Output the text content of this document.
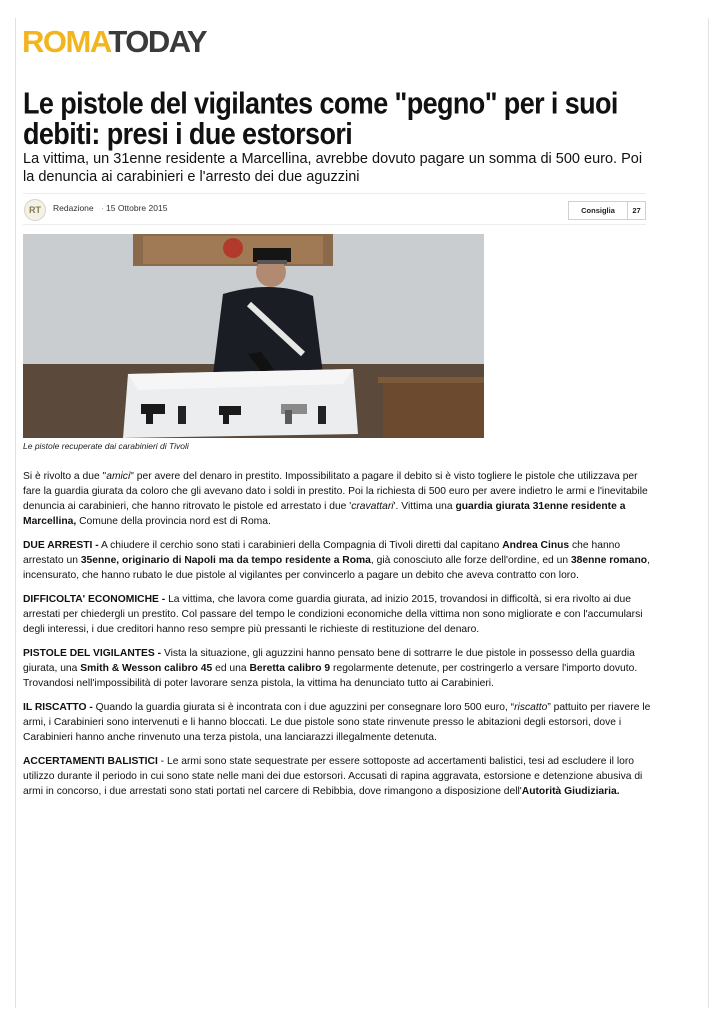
ROMATODAY
Le pistole del vigilantes come "pegno" per i suoi debiti: presi i due estorsori

La vittima, un 31enne residente a Marcellina, avrebbe dovuto pagare un somma di 500 euro. Poi la denuncia ai carabinieri e l'arresto dei due aguzzini

RT	Redazione · 15 Ottobre 2015	Consiglia	27
Le pistole recuperate dai carabinieri di Tivoli

Si è rivolto a due "amici" per avere del denaro in prestito. Impossibilitato a pagare il debito si è visto togliere le pistole che utilizzava per fare la guardia giurata da coloro che gli avevano dato i soldi in prestito. Poi la richiesta di 500 euro per avere indietro le armi e l'inevitabile denuncia ai carabinieri, che hanno ritrovato le pistole ed arrestato i due 'cravattari'. Vittima una guardia giurata 31enne residente a Marcellina, Comune della provincia nord est di Roma.

DUE ARRESTI - A chiudere il cerchio sono stati i carabinieri della Compagnia di Tivoli diretti dal capitano Andrea Cinus che hanno arrestato un 35enne, originario di Napoli ma da tempo residente a Roma, già conosciuto alle forze dell'ordine, ed un 38enne romano, incensurato, che hanno rubato le due pistole al vigilantes per convincerlo a pagare un debito che aveva contratto con loro.

DIFFICOLTA' ECONOMICHE - La vittima, che lavora come guardia giurata, ad inizio 2015, trovandosi in difficoltà, si era rivolto ai due arrestati per chiedergli un prestito. Col passare del tempo le condizioni economiche della vittima non sono migliorate e con l'accumularsi degli interessi, i due creditori hanno reso sempre più pressanti le richieste di restituzione del denaro.

PISTOLE DEL VIGILANTES - Vista la situazione, gli aguzzini hanno pensato bene di sottrarre le due pistole in possesso della guardia giurata, una Smith & Wesson calibro 45 ed una Beretta calibro 9 regolarmente detenute, per costringerlo a versare l'importo dovuto. Trovandosi nell'impossibilità di poter lavorare senza pistola, la vittima ha denunciato tutto ai Carabinieri.

IL RISCATTO - Quando la guardia giurata si è incontrata con i due aguzzini per consegnare loro 500 euro, “riscatto” pattuito per riavere le armi, i Carabinieri sono intervenuti e li hanno bloccati. Le due pistole sono state rinvenute presso le abitazioni degli estorsori, dove i Carabinieri hanno anche rinvenuto una terza pistola, una lanciarazzi illegalmente detenuta.

ACCERTAMENTI BALISTICI - Le armi sono state sequestrate per essere sottoposte ad accertamenti balistici, tesi ad escludere il loro utilizzo durante il periodo in cui sono state nelle mani dei due estorsori. Accusati di rapina aggravata, estorsione e detenzione abusiva di armi in concorso, i due arrestati sono stati portati nel carcere di Rebibbia, dove rimangono a disposizione dell'Autorità Giudiziaria.
